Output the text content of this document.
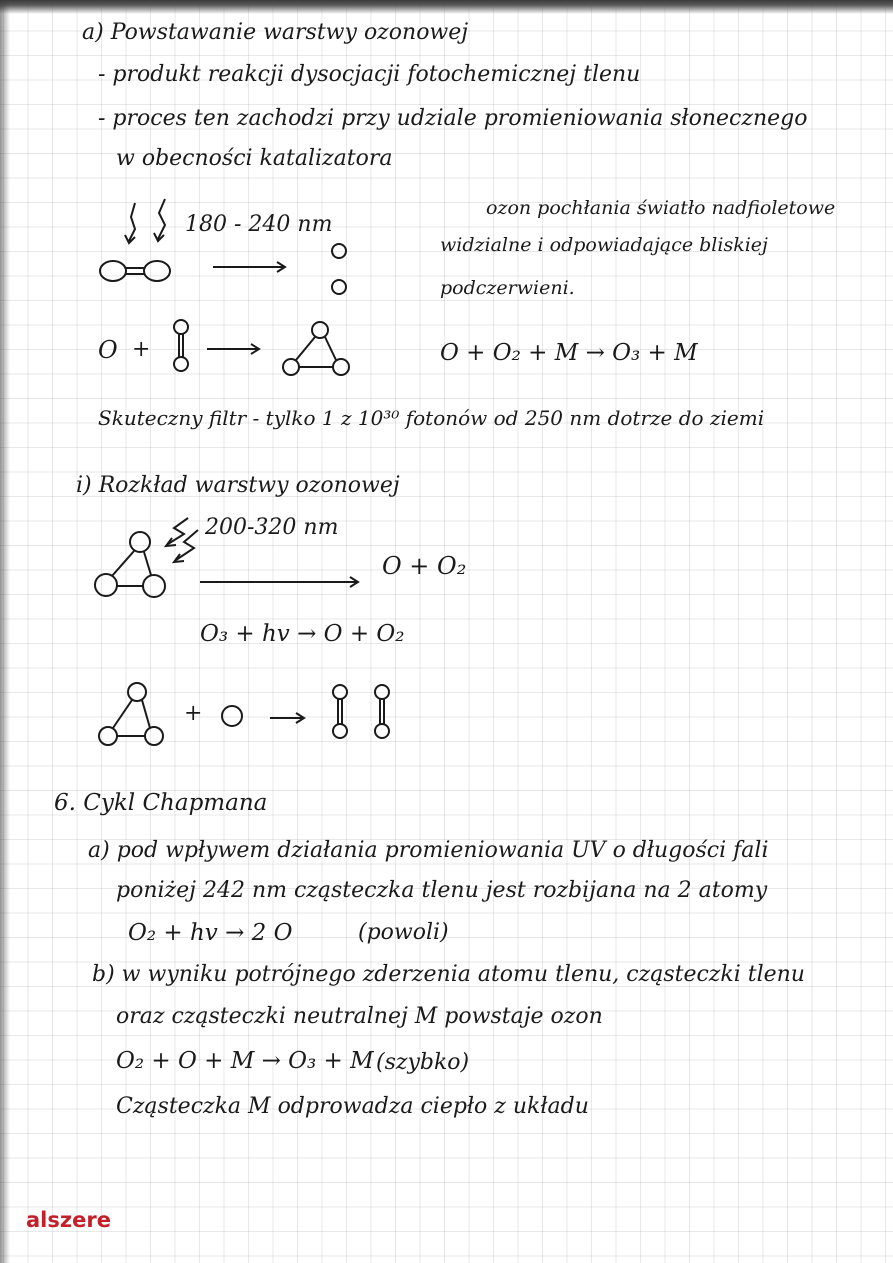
a) Powstawanie warstwy ozonowej
- produkt reakcji dysocjacji fotochemicznej tlenu
- proces ten zachodzi przy udziale promieniowania słonecznego
w obecności katalizatora
180 - 240 nm
ozon pochłania światło nadfioletowe
widzialne i odpowiadające bliskiej
podczerwieni.
O +	O + O₂ + M → O₃ + M
Skuteczny filtr - tylko 1 z 10³⁰ fotonów od 250 nm dotrze do ziemi
i) Rozkład warstwy ozonowej
200-320 nm
O + O₂
O₃ + hv → O + O₂
+
6. Cykl Chapmana
a) pod wpływem działania promieniowania UV o długości fali
poniżej 242 nm cząsteczka tlenu jest rozbijana na 2 atomy
O₂ + hv → 2 O	(powoli)
b) w wyniku potrójnego zderzenia atomu tlenu, cząsteczki tlenu
oraz cząsteczki neutralnej M powstaje ozon
O₂ + O + M → O₃ + M (szybko)
Cząsteczka M odprowadza ciepło z układu
alszere
